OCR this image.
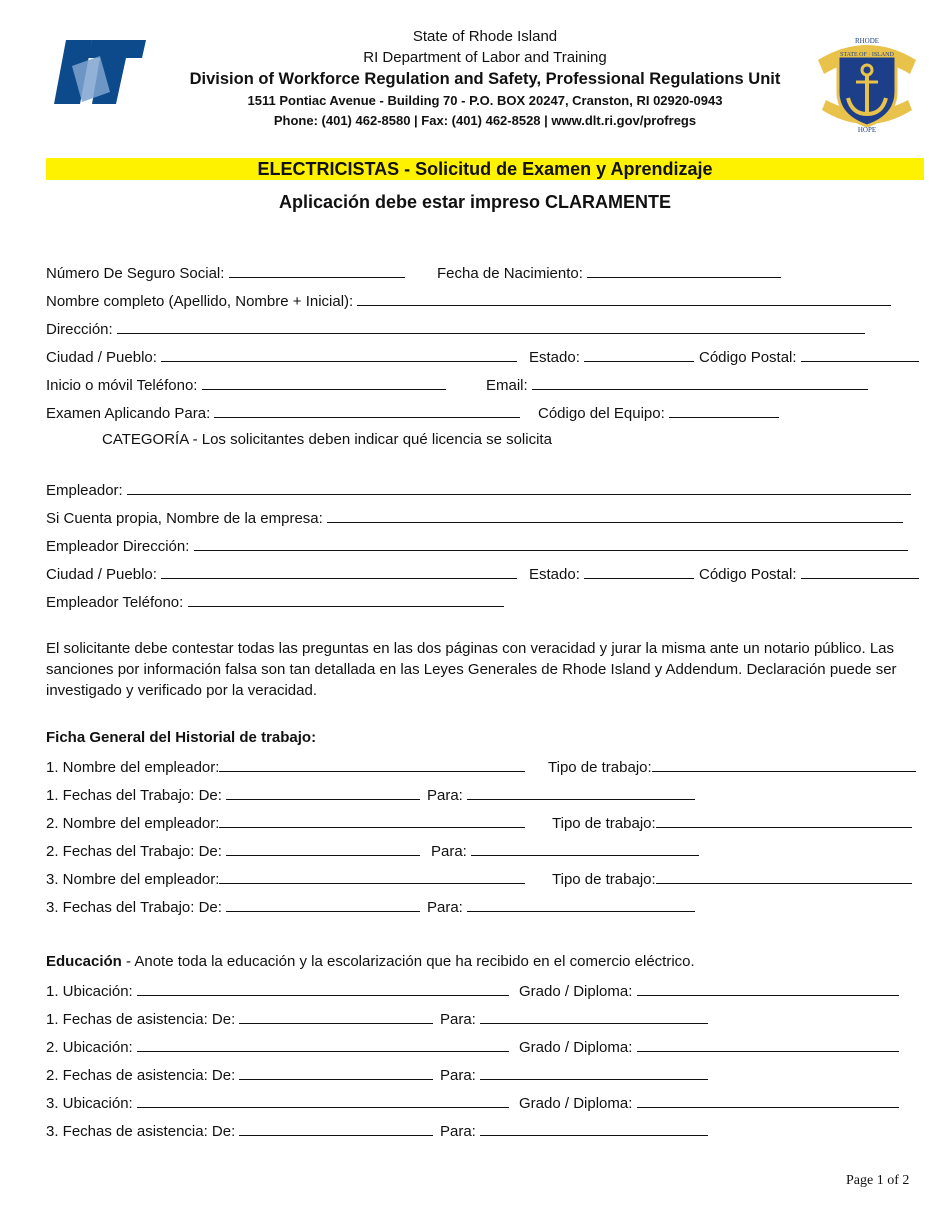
State of Rhode Island
RI Department of Labor and Training
Division of Workforce Regulation and Safety, Professional Regulations Unit
1511 Pontiac Avenue - Building 70 - P.O. BOX 20247, Cranston, RI 02920-0943
Phone: (401) 462-8580 | Fax: (401) 462-8528 | www.dlt.ri.gov/profregs
RHODE
STATE OF · ISLAND
HOPE
ELECTRICISTAS - Solicitud de Examen y Aprendizaje
Aplicación debe estar impreso CLARAMENTE
Número De Seguro Social:	Fecha de Nacimiento:
Nombre completo (Apellido, Nombre + Inicial):
Dirección:
Ciudad / Pueblo:	Estado:	Código Postal:
Inicio o móvil Teléfono:	Email:
Examen Aplicando Para:	Código del Equipo:
CATEGORÍA - Los solicitantes deben indicar qué licencia se solicita
Empleador:
Si Cuenta propia, Nombre de la empresa:
Empleador Dirección:
Ciudad / Pueblo:	Estado:	Código Postal:
Empleador Teléfono:
El solicitante debe contestar todas las preguntas en las dos páginas con veracidad y jurar la misma ante un notario público. Las sanciones por información falsa son tan detallada en las Leyes Generales de Rhode Island y Addendum. Declaración puede ser investigado y verificado por la veracidad.
Ficha General del Historial de trabajo:
1. Nombre del empleador:	Tipo de trabajo:
1. Fechas del Trabajo: De:	Para:
2. Nombre del empleador:	Tipo de trabajo:
2. Fechas del Trabajo: De:	Para:
3. Nombre del empleador:	Tipo de trabajo:
3. Fechas del Trabajo: De:	Para:
Educación - Anote toda la educación y la escolarización que ha recibido en el comercio eléctrico.
1. Ubicación:	Grado / Diploma:
1. Fechas de asistencia: De:	Para:
2. Ubicación:	Grado / Diploma:
2. Fechas de asistencia: De:	Para:
3. Ubicación:	Grado / Diploma:
3. Fechas de asistencia: De:	Para:
Page 1 of 2
